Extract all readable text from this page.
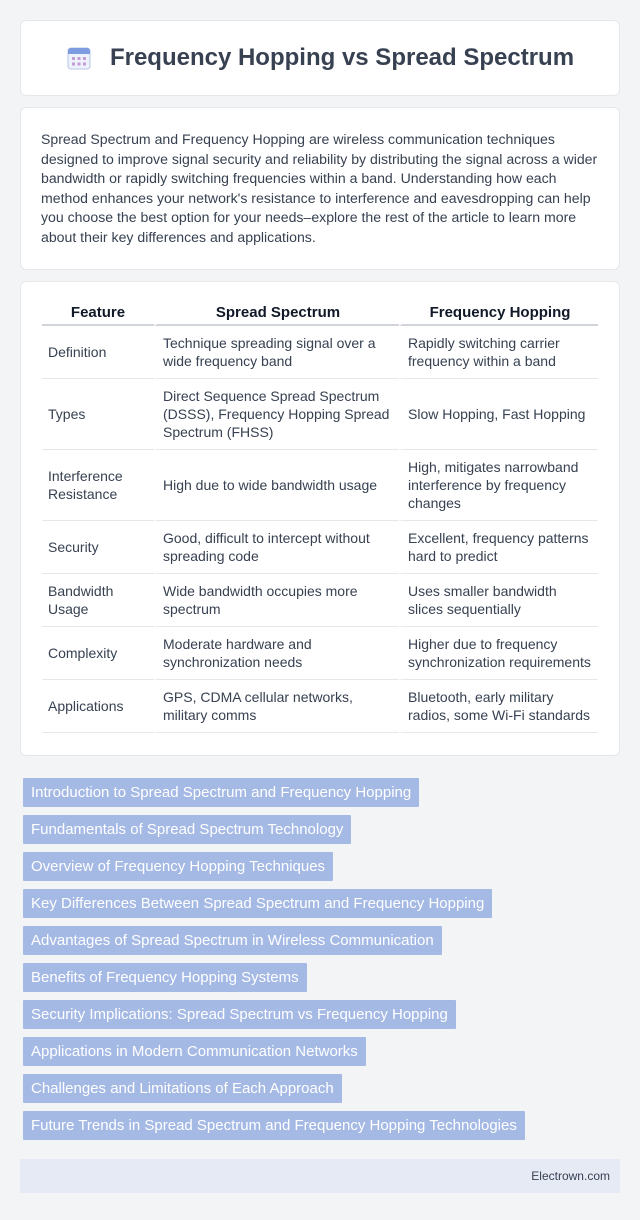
Frequency Hopping vs Spread Spectrum
Spread Spectrum and Frequency Hopping are wireless communication techniques designed to improve signal security and reliability by distributing the signal across a wider bandwidth or rapidly switching frequencies within a band. Understanding how each method enhances your network's resistance to interference and eavesdropping can help you choose the best option for your needs–explore the rest of the article to learn more about their key differences and applications.
Feature	Spread Spectrum	Frequency Hopping
Definition	Technique spreading signal over a wide frequency band	Rapidly switching carrier frequency within a band
Types	Direct Sequence Spread Spectrum (DSSS), Frequency Hopping Spread Spectrum (FHSS)	Slow Hopping, Fast Hopping
Interference Resistance	High due to wide bandwidth usage	High, mitigates narrowband interference by frequency changes
Security	Good, difficult to intercept without spreading code	Excellent, frequency patterns hard to predict
Bandwidth Usage	Wide bandwidth occupies more spectrum	Uses smaller bandwidth slices sequentially
Complexity	Moderate hardware and synchronization needs	Higher due to frequency synchronization requirements
Applications	GPS, CDMA cellular networks, military comms	Bluetooth, early military radios, some Wi-Fi standards
Introduction to Spread Spectrum and Frequency Hopping
Fundamentals of Spread Spectrum Technology
Overview of Frequency Hopping Techniques
Key Differences Between Spread Spectrum and Frequency Hopping
Advantages of Spread Spectrum in Wireless Communication
Benefits of Frequency Hopping Systems
Security Implications: Spread Spectrum vs Frequency Hopping
Applications in Modern Communication Networks
Challenges and Limitations of Each Approach
Future Trends in Spread Spectrum and Frequency Hopping Technologies
Electrown.com
